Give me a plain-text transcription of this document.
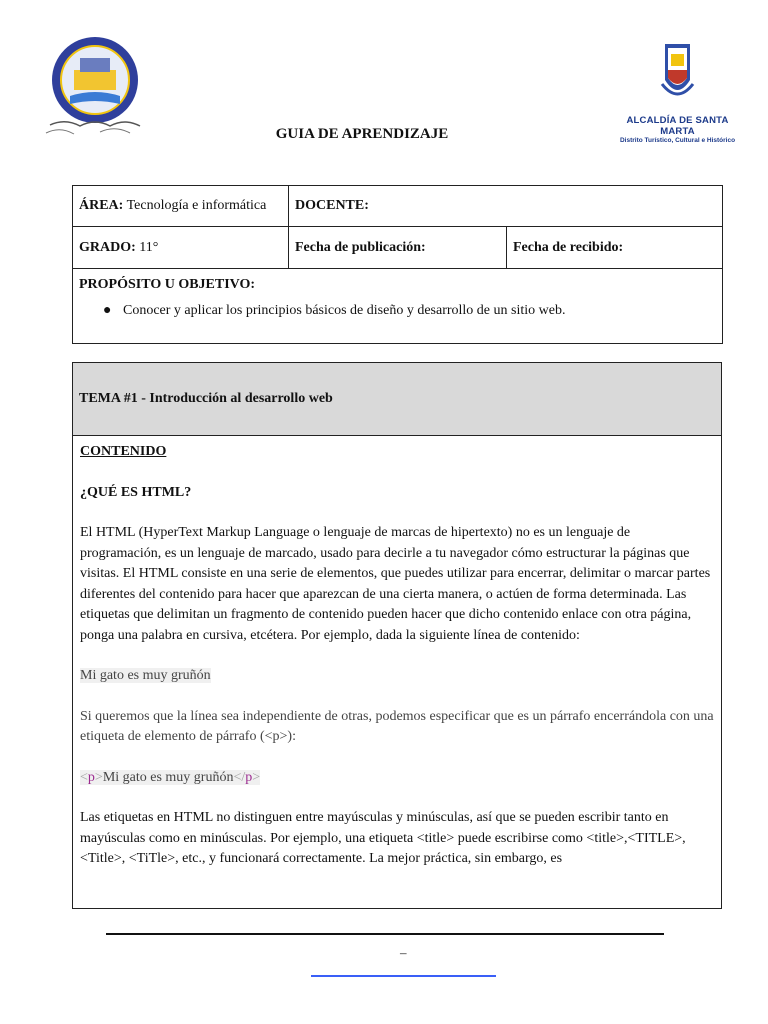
ALCALDÍA DE SANTA MARTA
Distrito Turístico, Cultural e Histórico
GUIA DE APRENDIZAJE
ÁREA: Tecnología e informática	DOCENTE:	
GRADO: 11°	Fecha de publicación:	Fecha de recibido:

PROPÓSITO U OBJETIVO:
● Conocer y aplicar los principios básicos de diseño y desarrollo de un sitio web.		
TEMA #1 - Introducción al desarrollo web

CONTENIDO

¿QUÉ ES HTML?

El HTML (HyperText Markup Language o lenguaje de marcas de hipertexto) no es un lenguaje de programación, es un lenguaje de marcado, usado para decirle a tu navegador cómo estructurar la páginas que visitas. El HTML consiste en una serie de elementos, que puedes utilizar para encerrar, delimitar o marcar partes diferentes del contenido para hacer que aparezcan de una cierta manera, o actúen de forma determinada. Las etiquetas que delimitan un fragmento de contenido pueden hacer que dicho contenido enlace con otra página, ponga una palabra en cursiva, etcétera. Por ejemplo, dada la siguiente línea de contenido:

Mi gato es muy gruñón

Si queremos que la línea sea independiente de otras, podemos especificar que es un párrafo encerrándola con una etiqueta de elemento de párrafo (<p>):

<p>Mi gato es muy gruñón</p>

Las etiquetas en HTML no distinguen entre mayúsculas y minúsculas, así que se pueden escribir tanto en mayúsculas como en minúsculas. Por ejemplo, una etiqueta <title> puede escribirse como <title>,<TITLE>, <Title>, <TiTle>, etc., y funcionará correctamente. La mejor práctica, sin embargo, es

–
